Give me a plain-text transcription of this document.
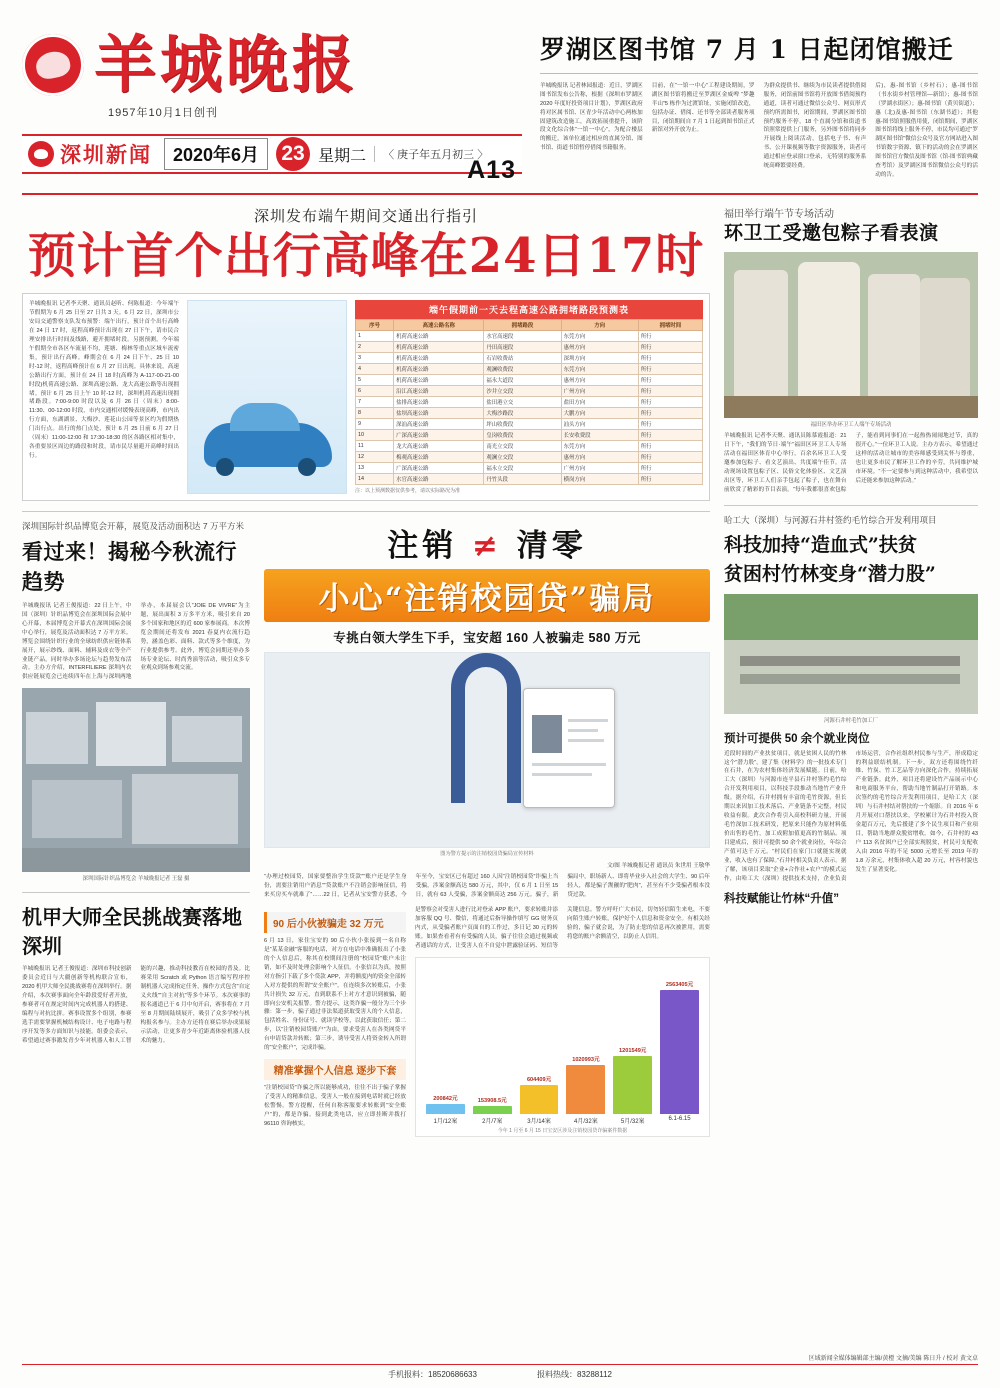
羊城晚报
1957年10月1日创刊
深圳新闻	2020年6月	23 星期二	〈 庚子年五月初三 〉
A13
罗湖区图书馆 7 月 1 日起闭馆搬迁
羊城晚报讯 记者林园报道：近日，罗湖区图书馆发布公告称，根据《深圳市罗湖区 2020 年度好投资项目计划》，罗湖区政府将对区属书馆、区青少年活动中心两栋加固建筑改造施工，高效拓展重提升，该阶段文化综合体“一馆一中心”，为配合楼层的搬迁，该单位通过相应的直属分馆、图书馆、街道书馆暂停借阅书籍服务。
目前，在“一馆一中心”工程建设期间，罗湖区图书馆将搬迁至罗湖区金威啤 “梦趣半山”5 栋作为过渡馆址，实施闭馆改造，包括办证、借阅、还书等全部读者服务项目，闭馆期间自 7 月 1 日起到图书馆正式新馆对外开放为止。
为群众提供书、继续为市民读者提供借阅服务，闭馆前图书馆将开放图书借阅预约通道，读者可通过微信公众号、网页形式预约所需图书，闭馆期间，罗湖区图书馆预约服务不停，18 个直属分馆和街道书馆照常提供上门服务，另外图书馆将同步开展线上阅读活动，包括电子书、有声书、公开课视频等数字资源服务，读者可通过相应登录窗口登录，无特别的服务系统高峰繁要经费。
后)，惠-图书馆（乡村石）；惠-图书馆（书水街乡村管理馆—新馆）；惠-图书馆（罗湖水街区）；惠-图书馆（黄贝街道）；惠（北)及惠-图书馆（东湖书道）；其他惠-图书馆照服借用使，闭馆期间，罗湖区图书馆将线上服务不停，市民均可通过“罗湖区图书馆”微信公众号及官方网站进入图书馆数字资源、镇下的活动的会在罗湖区图书馆官方微信及图书馆（馆-图书馆典藏查考馆）及罗湖区图书馆微信公众号的活动的告。
深圳发布端午期间交通出行指引
预计首个出行高峰在24日17时
羊城晚报讯 记者李天聚、通讯员赵昕、何陈报道：今年端午节假期为 6 月 25 日至 27 日共 3 天。6 月 22 日，深圳市公安局交通警察支队发布预警：端午出行，预计首个出行高峰在 24 日 17 时，返程高峰预计出现在 27 日下午，请市民合理安排出行时间及线路，避开拥堵时段。另据预测，今年端午假期全市各区车流量不均，莲塘、梅林等重点区域车流密集，预计出行高峰。峰期会在 6 月 24 日下午、25 日 10 时-12 时，返程高峰预计在 6 月 27 日出现。具体来说，高速公路出行方面，预计在 24 日 18 时(高峰为 A-117-00-21-00 时段)机荷高速公路、深圳高速公路、龙大高速公路等出现拥堵。预计 6 月 25 日上午 10 时-12 时，深圳机荷高速出现拥堵路段。7:00-9:00 时段以及 6 月 26 日（周末）8:00-11:30、00-12:00 时段，市内交通相对缓慢表现高峰，市内出行方面，东湖湖景、大梅沙、莲花山公园等景区约为假期热门出行点。出行的热门点处，预计 6 月 25 日前 6 月 27 日（周末）11:00-12:00 和 17:30-18:30 的区各路区相对集中，各重要景区周边的路段和时段，请市民尽量避开高峰时间出行。
端午假期前一天去程高速公路拥堵路段预测表
序号	高速公路名称	拥堵路段	方向	拥堵时间
1	机荷高速公路	水官高速段	东莞方向	所行
2	机荷高速公路	丹田高速段	惠州方向	所行
3	机荷高速公路	石岩收费站	深圳方向	所行
4	机荷高速公路	观澜收费段	东莞方向	所行
5	机荷高速公路	福永大道段	惠州方向	所行
6	沿江高速公路	沙井立交段	广州方向	所行
7	盐排高速公路	盐田港立交	盐田方向	所行
8	盐坝高速公路	大梅沙路段	大鹏方向	所行
9	深汕高速公路	坪山收费段	汕头方向	所行
10	广深高速公路	皇岗收费段	长安收费段	所行
11	龙大高速公路	南光立交段	东莞方向	所行
12	梅观高速公路	观澜立交段	惠州方向	所行
13	广深高速公路	福永立交段	广州方向	所行
14	水官高速公路	丹竹头段	横岗方向	所行
注：以上预测数据仅供参考，请以实际路况为准
深圳国际针织品博览会开幕，展览及活动面积达 7 万平方米
看过来！揭秘今秋流行趋势
羊城晚报讯 记者王俊报道：22 日上午，中国（深圳）针织品博览会在深圳国际会展中心开幕，本届博览会开幕式在深圳国际会展中心举行，展览及活动面积达 7 万平方米。博览会围绕针织行业的全球纺织供应链体系展开，展示纱线、面料、辅料及成衣等全产业链产品，同时举办多场论坛与趋势发布活动。主办方介绍，INTERFILIERE 深圳内衣供应链展览会已连续四年在上海与深圳两地举办，本届展会以“JOIE DE VIVRE”为主题，展出面积 3 万多平方米，吸引来自 20 多个国家和地区的近 600 家参展商。本次博览会期间还将发布 2021 春夏内衣流行趋势，涵盖色彩、面料、款式等多个维度，为行业提供参考。此外，博览会同期还举办多场专业论坛、时尚秀演等活动，吸引众多专业观众到场参观交流。
深圳国际针织品博览会 羊城晚报记者 王磊 摄
机甲大师全民挑战赛落地深圳
羊城晚报讯 记者王俊报道：深圳市科技创新委员会近日与大疆创新等机构联合宣布，2020 机甲大师全民挑战赛将在深圳举行。据介绍，本次赛事面向全年龄段爱好者开放，参赛者可在规定时间内完成机器人的搭建、编程与对抗比拼。赛事设置多个组别，参赛选手需要掌握机械结构设计、电子电路与程序开发等多方面知识与技能。组委会表示，希望通过赛事激发青少年对机器人和人工智能的兴趣，推动科技教育在校园的普及。比赛采用 Scratch 或 Python 语言编写程序控制机器人完成指定任务，操作方式包含“自定义火线”“自主对抗”等多个环节。本次赛事的报名通道已于 6 月中旬开启，赛事将在 7 月至 8 月期间陆续展开，吸引了众多学校与机构报名参与。主办方还将在赛后举办成果展示活动，让更多青少年近距离体验机器人技术的魅力。
注销 ≠ 清零
小心“注销校园贷”骗局
专挑白领大学生下手，宝安超 160 人被骗走 580 万元
图为警方提示的注销校园贷骗局宣传材料
文/图 羊城晚报记者 通讯员 朱世用 王敬华
“办理过校园贷，国家要整治学生贷款”“账户还是学生身份，需要注销用户消息”“贷款账户不注销会影响征信，将来买房买车就难了”……22 日，记者从宝安警方获悉，今年至今，宝安区已有超过 160 人因“注销校园贷”诈骗上当受骗，涉案金额高达 580 万元，其中，仅 6 月 1 日至 15 日，就有 63 人受骗，涉案金额高达 256 万元。骗子，新骗局中，职场新人、即将毕业步入社会的大学生、90 后年轻人，都是骗子觊觎的“肥肉”，甚至有不少受骗者根本没贷过款。
90 后小伙被骗走 32 万元
6 月 13 日，家住宝安的 90 后小伙小张接到一名自称是“某某金融”客服的电话，对方在电话中准确报出了小张的个人信息后，称其在校期间注册的“校园贷”账户未注销，如不及时处理会影响个人征信。小张信以为真，按照对方指引下载了多个贷款 APP，并将额度内的资金全部转入对方提供的所谓“安全账户”。在连续多次转账后，小张共计损失 32 万元，直到联系不上对方才意识到被骗，随即向公安机关报警。警方提示，这类诈骗一般分为三个步骤：第一步，骗子通过非法渠道获取受害人的个人信息，包括姓名、身份证号、就读学校等，以此获取信任；第二步，以“注销校园贷账户”为由，要求受害人在各类网贷平台申请贷款并转账；第三步，诱导受害人将资金转入所谓的“安全账户”，完成诈骗。
精准掌握个人信息 逐步下套
“注销校园贷”诈骗之所以能够成功，往往不出于骗子掌握了受害人的精准信息，受害人一般在接到电话时就已经放松警惕。警方提醒，任何自称客服要求转账到“安全账户”的，都是诈骗。接到此类电话，应立即挂断并拨打 96110 咨询核实。
是警察会对受害人进行比对登录 APP 账户，要求转账并添加客服 QQ 号、微信，将通过后指导操作填写 GG 财务页内式，从受骗者账户页面自的工作过，多日记 30 元的转账。如果查看者有有受骗的人员，骗子往往会通过视频或者通话的方式，让受害人在不自觉中泄露验证码、短信等关键信息。警方呼吁广大市民，切勿轻信陌生来电，不要向陌生账户转账，保护好个人信息和资金安全。有相关经验的，骗子就会说，为了防止您的信息再次被泄用，需要将您的账户余额清空，以防止人信用。
200842元	153908.5元
604409元
1020993元
1201549元
2563405元
1月/12案	2月/7案	3月/14案	4月/32案	5月/32案	6.1-6.15
今年 1 月至 6 月 15 日宝安区涉及注销校园贷诈骗案件数据
福田举行端午节专场活动
环卫工受邀包粽子看表演
福田区举办环卫工人端午专场活动
羊城晚报讯 记者李天聚、通讯员陈慕霞报道：21 日下午，“我们的节日·端午”福田区环卫工人专场活动在福田区体育中心举行，百余名环卫工人受邀参加包粽子、看文艺演出、共度端午佳节。活动现场设置包粽子区、民俗文化体验区、文艺演出区等，环卫工人们亲手包起了粽子，也在舞台前欣赏了精彩的节目表演。“每年我都很喜欢包粽子，能看到同事们在一起热热闹闹地过节，真的很开心。”一位环卫工人说。主办方表示，希望通过这样的活动让城市的美容师感受到关怀与尊重，也让更多市民了解环卫工作的辛劳，共同维护城市环境。“不一定要参与到这种活动中，我希望以后还能来参加这种活动。”
哈工大（深圳）与河源石井村签约毛竹综合开发利用项目
科技加持“造血式”扶贫
贫困村竹林变身“潜力股”
河源石井村毛竹加工厂
预计可提供 50 余个就业岗位
近段时间的产业扶贫项目，就是贫困人民的竹林这个“潜力股”，建了集《材料学》的一批技术专门在石井，在为农村集体经济发展赋能。日前，哈工大（深圳）与河源市连平县石井村签约毛竹综合开发利用项目，以科技手段推动当地竹产业升级。据介绍，石井村拥有丰富的毛竹资源，但长期以来因加工技术落后、产业链条不完整，村民收益有限。此次合作将引入高校科研力量，开展毛竹深加工技术研发，把原来只能作为原材料低价出售的毛竹，加工成附加值更高的竹制品。项目建成后，预计可提供 50 余个就业岗位，年综合产值可达千万元。“村民们在家门口就能实现就业，收入也有了保障。”石井村相关负责人表示。据了解，该项目采取“企业+合作社+农户”的模式运作，由哈工大（深圳）提供技术支持，企业负责市场运营，合作社组织村民参与生产，形成稳定的利益联结机制。下一步，双方还将围绕竹纤维、竹炭、竹工艺品等方向深化合作，持续拓展产业链条。此外，项目还将建设竹产品展示中心和电商服务平台，帮助当地竹制品打开销路。本次签约的毛竹综合开发利用项目，是哈工大（深圳）与石井村结对帮扶的一个缩影。自 2016 年 6 月开展对口帮扶以来，学校累计为石井村投入资金超百万元，先后援建了多个民生项目和产业项目，帮助当地群众脱贫增收。如今，石井村的 43 户 113 名贫困户已全部实现脱贫，村民可支配收入由 2016 年的不足 5000 元增长至 2019 年的 1.8 万余元，村集体收入超 20 万元，村容村貌也发生了显著变化。
科技赋能让竹林“升值”
区域新闻全媒体编辑部主编/黄橙 文摘/美编 陈日升 / 校对 黄文卓
手机报料：18520686633	报料热线：83288112
